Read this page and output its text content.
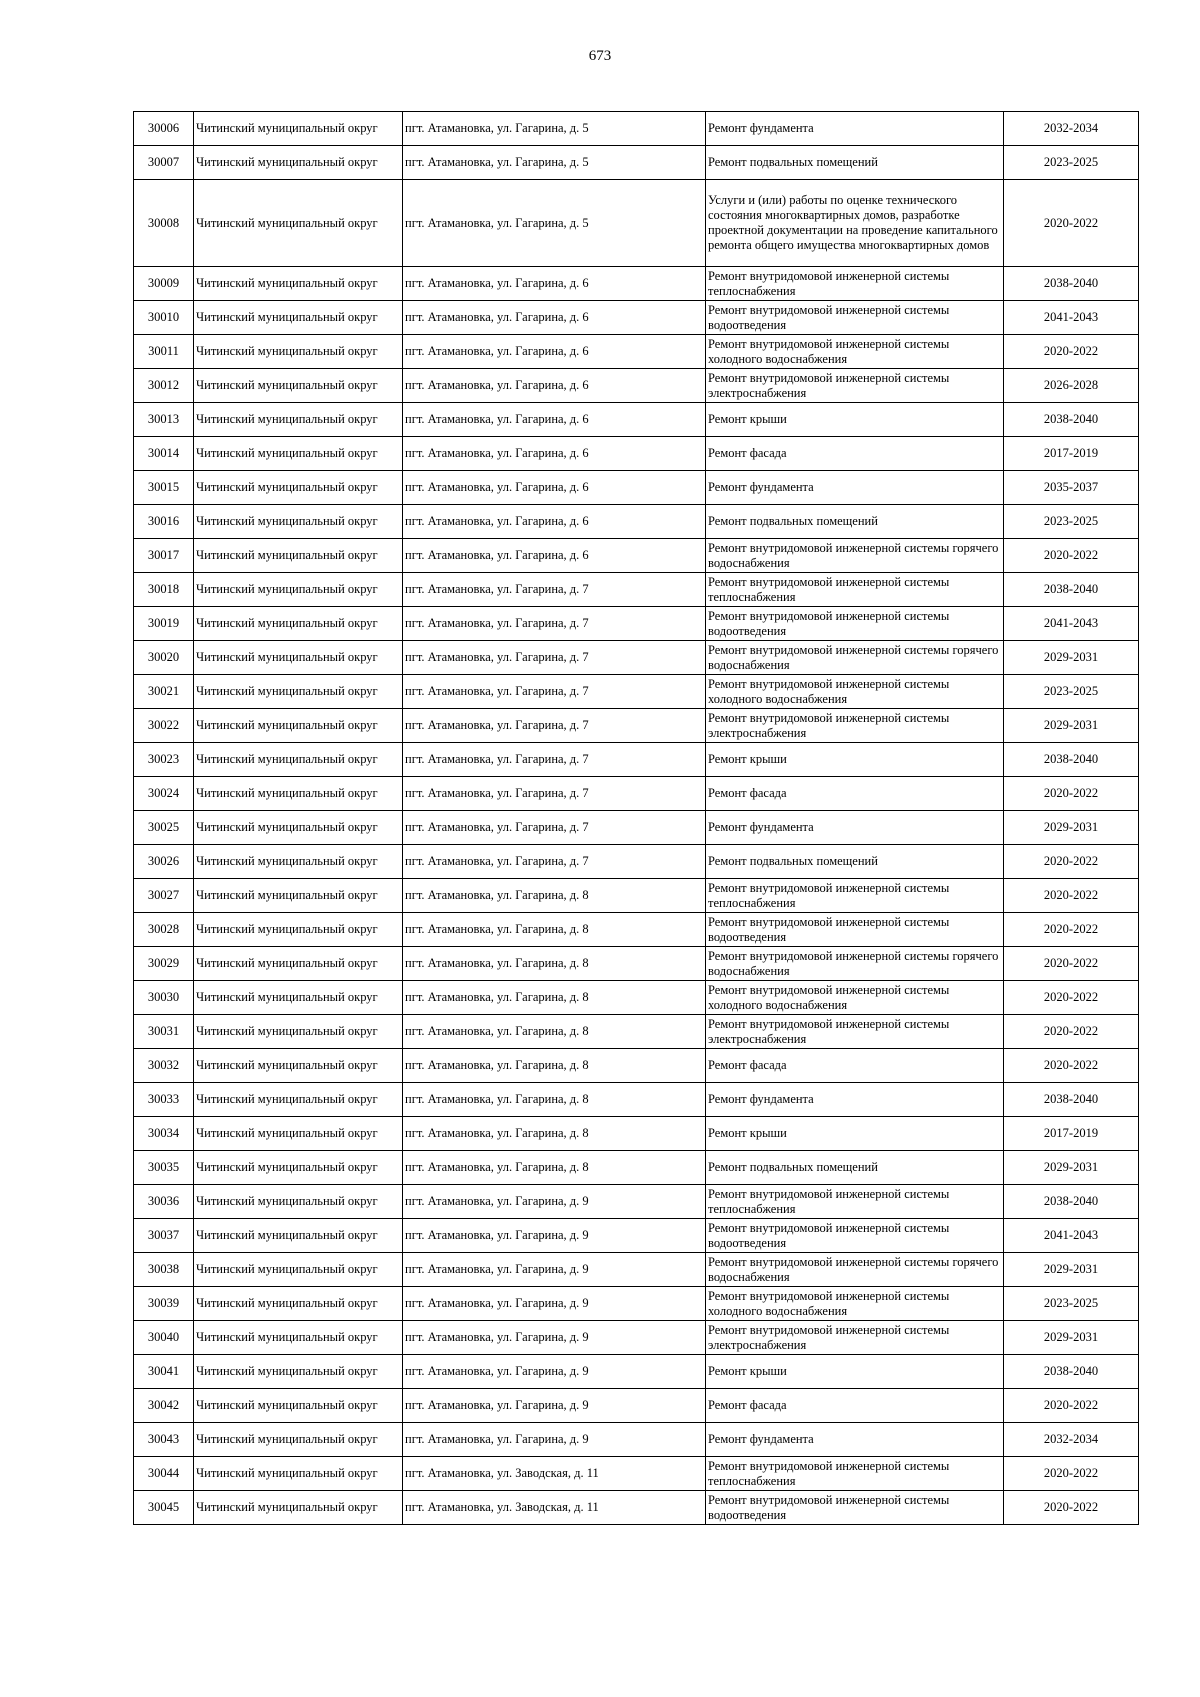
673
30006	Читинский муниципальный округ	пгт. Атамановка, ул. Гагарина, д. 5	Ремонт фундамента	2032-2034
30007	Читинский муниципальный округ	пгт. Атамановка, ул. Гагарина, д. 5	Ремонт подвальных помещений	2023-2025
30008	Читинский муниципальный округ	пгт. Атамановка, ул. Гагарина, д. 5	Услуги и (или) работы по оценке технического состояния многоквартирных домов, разработке проектной документации на проведение капитального ремонта общего имущества многоквартирных домов	2020-2022
30009	Читинский муниципальный округ	пгт. Атамановка, ул. Гагарина, д. 6	Ремонт внутридомовой инженерной системы теплоснабжения	2038-2040
30010	Читинский муниципальный округ	пгт. Атамановка, ул. Гагарина, д. 6	Ремонт внутридомовой инженерной системы водоотведения	2041-2043
30011	Читинский муниципальный округ	пгт. Атамановка, ул. Гагарина, д. 6	Ремонт внутридомовой инженерной системы холодного водоснабжения	2020-2022
30012	Читинский муниципальный округ	пгт. Атамановка, ул. Гагарина, д. 6	Ремонт внутридомовой инженерной системы электроснабжения	2026-2028
30013	Читинский муниципальный округ	пгт. Атамановка, ул. Гагарина, д. 6	Ремонт крыши	2038-2040
30014	Читинский муниципальный округ	пгт. Атамановка, ул. Гагарина, д. 6	Ремонт фасада	2017-2019
30015	Читинский муниципальный округ	пгт. Атамановка, ул. Гагарина, д. 6	Ремонт фундамента	2035-2037
30016	Читинский муниципальный округ	пгт. Атамановка, ул. Гагарина, д. 6	Ремонт подвальных помещений	2023-2025
30017	Читинский муниципальный округ	пгт. Атамановка, ул. Гагарина, д. 6	Ремонт внутридомовой инженерной системы горячего водоснабжения	2020-2022
30018	Читинский муниципальный округ	пгт. Атамановка, ул. Гагарина, д. 7	Ремонт внутридомовой инженерной системы теплоснабжения	2038-2040
30019	Читинский муниципальный округ	пгт. Атамановка, ул. Гагарина, д. 7	Ремонт внутридомовой инженерной системы водоотведения	2041-2043
30020	Читинский муниципальный округ	пгт. Атамановка, ул. Гагарина, д. 7	Ремонт внутридомовой инженерной системы горячего водоснабжения	2029-2031
30021	Читинский муниципальный округ	пгт. Атамановка, ул. Гагарина, д. 7	Ремонт внутридомовой инженерной системы холодного водоснабжения	2023-2025
30022	Читинский муниципальный округ	пгт. Атамановка, ул. Гагарина, д. 7	Ремонт внутридомовой инженерной системы электроснабжения	2029-2031
30023	Читинский муниципальный округ	пгт. Атамановка, ул. Гагарина, д. 7	Ремонт крыши	2038-2040
30024	Читинский муниципальный округ	пгт. Атамановка, ул. Гагарина, д. 7	Ремонт фасада	2020-2022
30025	Читинский муниципальный округ	пгт. Атамановка, ул. Гагарина, д. 7	Ремонт фундамента	2029-2031
30026	Читинский муниципальный округ	пгт. Атамановка, ул. Гагарина, д. 7	Ремонт подвальных помещений	2020-2022
30027	Читинский муниципальный округ	пгт. Атамановка, ул. Гагарина, д. 8	Ремонт внутридомовой инженерной системы теплоснабжения	2020-2022
30028	Читинский муниципальный округ	пгт. Атамановка, ул. Гагарина, д. 8	Ремонт внутридомовой инженерной системы водоотведения	2020-2022
30029	Читинский муниципальный округ	пгт. Атамановка, ул. Гагарина, д. 8	Ремонт внутридомовой инженерной системы горячего водоснабжения	2020-2022
30030	Читинский муниципальный округ	пгт. Атамановка, ул. Гагарина, д. 8	Ремонт внутридомовой инженерной системы холодного водоснабжения	2020-2022
30031	Читинский муниципальный округ	пгт. Атамановка, ул. Гагарина, д. 8	Ремонт внутридомовой инженерной системы электроснабжения	2020-2022
30032	Читинский муниципальный округ	пгт. Атамановка, ул. Гагарина, д. 8	Ремонт фасада	2020-2022
30033	Читинский муниципальный округ	пгт. Атамановка, ул. Гагарина, д. 8	Ремонт фундамента	2038-2040
30034	Читинский муниципальный округ	пгт. Атамановка, ул. Гагарина, д. 8	Ремонт крыши	2017-2019
30035	Читинский муниципальный округ	пгт. Атамановка, ул. Гагарина, д. 8	Ремонт подвальных помещений	2029-2031
30036	Читинский муниципальный округ	пгт. Атамановка, ул. Гагарина, д. 9	Ремонт внутридомовой инженерной системы теплоснабжения	2038-2040
30037	Читинский муниципальный округ	пгт. Атамановка, ул. Гагарина, д. 9	Ремонт внутридомовой инженерной системы водоотведения	2041-2043
30038	Читинский муниципальный округ	пгт. Атамановка, ул. Гагарина, д. 9	Ремонт внутридомовой инженерной системы горячего водоснабжения	2029-2031
30039	Читинский муниципальный округ	пгт. Атамановка, ул. Гагарина, д. 9	Ремонт внутридомовой инженерной системы холодного водоснабжения	2023-2025
30040	Читинский муниципальный округ	пгт. Атамановка, ул. Гагарина, д. 9	Ремонт внутридомовой инженерной системы электроснабжения	2029-2031
30041	Читинский муниципальный округ	пгт. Атамановка, ул. Гагарина, д. 9	Ремонт крыши	2038-2040
30042	Читинский муниципальный округ	пгт. Атамановка, ул. Гагарина, д. 9	Ремонт фасада	2020-2022
30043	Читинский муниципальный округ	пгт. Атамановка, ул. Гагарина, д. 9	Ремонт фундамента	2032-2034
30044	Читинский муниципальный округ	пгт. Атамановка, ул. Заводская, д. 11	Ремонт внутридомовой инженерной системы теплоснабжения	2020-2022
30045	Читинский муниципальный округ	пгт. Атамановка, ул. Заводская, д. 11	Ремонт внутридомовой инженерной системы водоотведения	2020-2022
